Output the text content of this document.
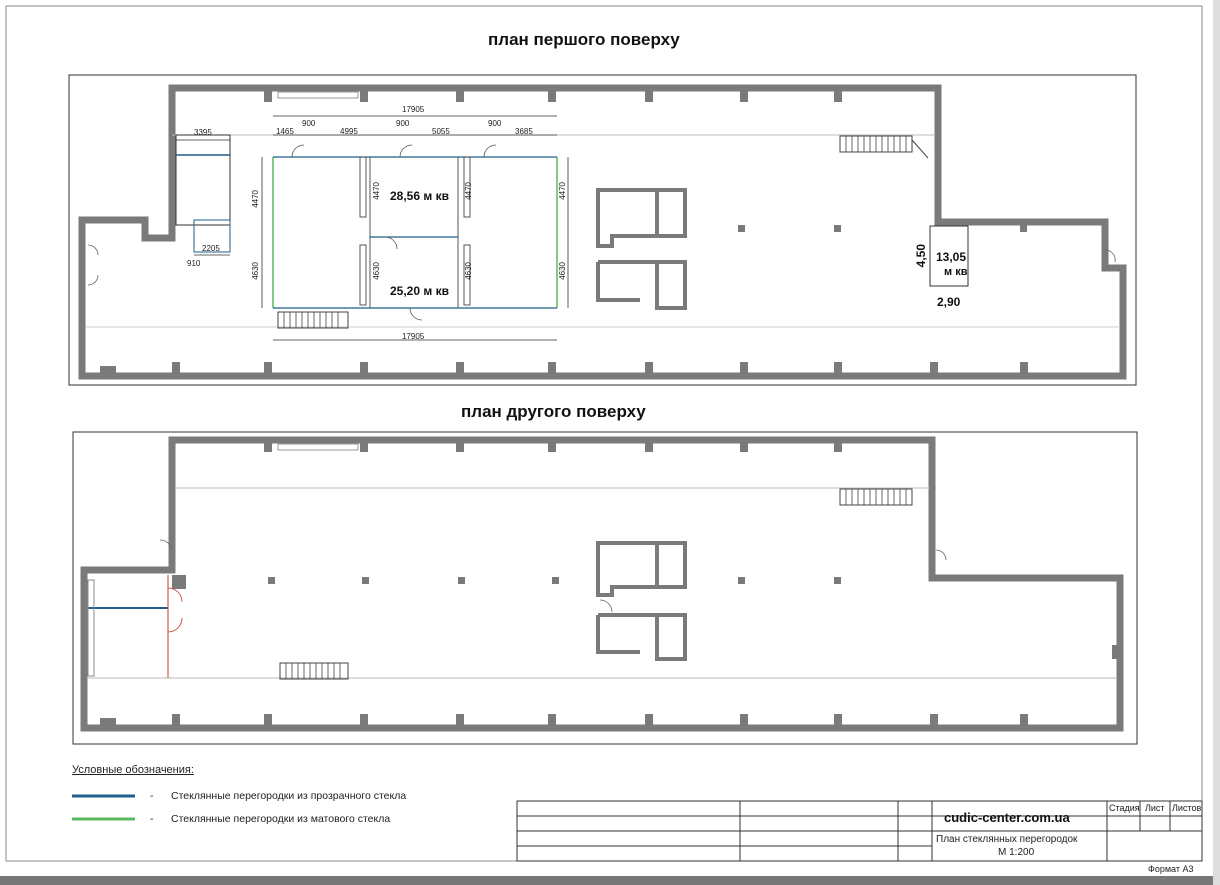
план першого поверху
17905
1465
900
4995
900
5055
900
3685
3395
2205
910
4470	4470	4470	4470
4630	4630	4630	4630
17905
28,56 м кв
25,20 м кв
13,05
м кв
4,50
2,90
план другого поверху
Условные обозначения:
- Стеклянные перегородки из прозрачного стекла
- Стеклянные перегородки из матового стекла	cudic-center.com.ua
Стадия Лист Листов
План стеклянных перегородок
М 1:200
Формат А3
